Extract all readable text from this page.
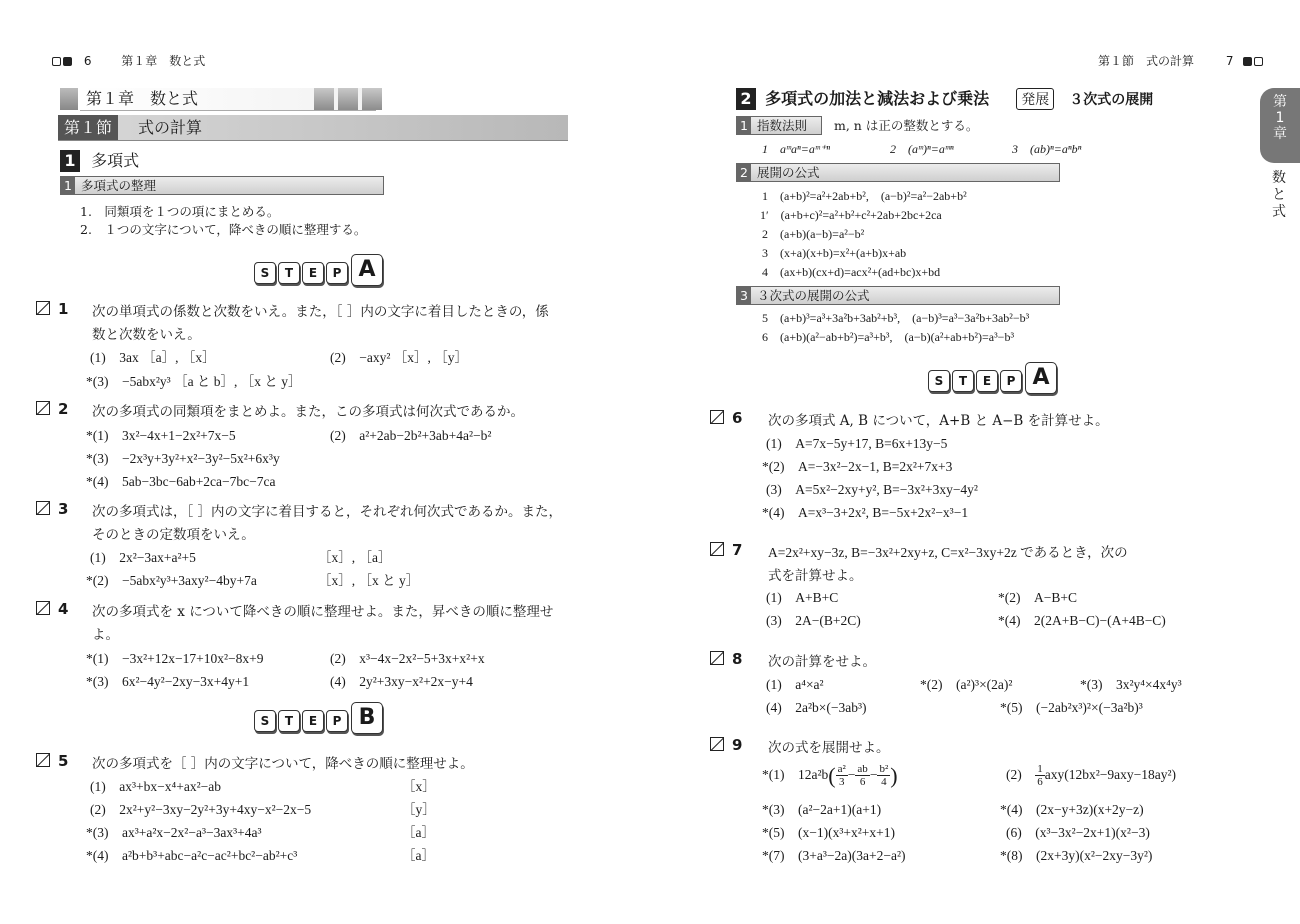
6 第１章　数と式
第１章　数と式
第１節	式の計算
1 多項式
1 多項式の整理
1.　同類項を１つの項にまとめる。
2.　１つの文字について，降べきの順に整理する。
S T E P A
1 次の単項式の係数と次数をいえ。また，［ ］内の文字に着目したときの，係
数と次数をいえ。
(1)　3ax ［a］, ［x］	(2)　−axy² ［x］, ［y］
*(3)　−5abx²y³ ［a と b］, ［x と y］
2 次の多項式の同類項をまとめよ。また，この多項式は何次式であるか。
*(1)　3x²−4x+1−2x²+7x−5	(2)　a²+2ab−2b²+3ab+4a²−b²
*(3)　−2x³y+3y²+x²−3y²−5x²+6x³y
*(4)　5ab−3bc−6ab+2ca−7bc−7ca
3 次の多項式は，［ ］内の文字に着目すると，それぞれ何次式であるか。また，
そのときの定数項をいえ。
(1)　2x²−3ax+a²+5	［x］, ［a］
*(2)　−5abx²y³+3axy²−4by+7a	［x］, ［x と y］
4 次の多項式を x について降べきの順に整理せよ。また，昇べきの順に整理せ
よ。
*(1)　−3x²+12x−17+10x²−8x+9	(2)　x³−4x−2x²−5+3x+x²+x
*(3)　6x²−4y²−2xy−3x+4y+1	(4)　2y²+3xy−x²+2x−y+4
S T E P B
5 次の多項式を［ ］内の文字について，降べきの順に整理せよ。
(1)　ax³+bx−x⁴+ax²−ab	［x］
(2)　2x²+y²−3xy−2y²+3y+4xy−x²−2x−5	［y］
*(3)　ax³+a²x−2x²−a³−3ax³+4a³	［a］
*(4)　a²b+b³+abc−a²c−ac²+bc²−ab²+c³	［a］
第１節　式の計算	7
2 多項式の加法と減法および乗法 発展 ３次式の展開
1 指数法則	m, n は正の整数とする。
1　aᵐaⁿ=aᵐ⁺ⁿ	2　(aᵐ)ⁿ=aᵐⁿ	3　(ab)ⁿ=aⁿbⁿ
2 展開の公式
1　(a+b)²=a²+2ab+b²,　(a−b)²=a²−2ab+b²
1′　(a+b+c)²=a²+b²+c²+2ab+2bc+2ca
2　(a+b)(a−b)=a²−b²
3　(x+a)(x+b)=x²+(a+b)x+ab
4　(ax+b)(cx+d)=acx²+(ad+bc)x+bd
3 ３次式の展開の公式
5　(a+b)³=a³+3a²b+3ab²+b³,　(a−b)³=a³−3a²b+3ab²−b³
6　(a+b)(a²−ab+b²)=a³+b³,　(a−b)(a²+ab+b²)=a³−b³
S T E P A
6 次の多項式 A, B について，A+B と A−B を計算せよ。
(1)　A=7x−5y+17, B=6x+13y−5
*(2)　A=−3x²−2x−1, B=2x²+7x+3
(3)　A=5x²−2xy+y², B=−3x²+3xy−4y²
*(4)　A=x³−3+2x², B=−5x+2x²−x³−1
7 A=2x²+xy−3z, B=−3x²+2xy+z, C=x²−3xy+2z であるとき，次の
式を計算せよ。
(1)　A+B+C	*(2)　A−B+C
(3)　2A−(B+2C)	*(4)　2(2A+B−C)−(A+4B−C)
8 次の計算をせよ。
(1)　a⁴×a²	*(2)　(a²)³×(2a)²	*(3)　3x²y⁴×4x⁴y³
(4)　2a²b×(−3ab³)	*(5)　(−2ab²x³)²×(−3a²b)³
9 次の式を展開せよ。
*(1)　$12a^2b( \frac{\text{a²}}{3} - \frac{ab}{6} - \frac{\text{b²}}{4}$ )	(2)　 $\frac{1}{6} axy(12bx^2-9axy-18ay^2)$
*(3)　(a²−2a+1)(a+1)	*(4)　(2x−y+3z)(x+2y−z)
*(5)　(x−1)(x³+x²+x+1)	(6)　(x³−3x²−2x+1)(x²−3)
*(7)　(3+a³−2a)(3a+2−a²)	*(8)　(2x+3y)(x²−2xy−3y²)
第
1
章
数
と
式
